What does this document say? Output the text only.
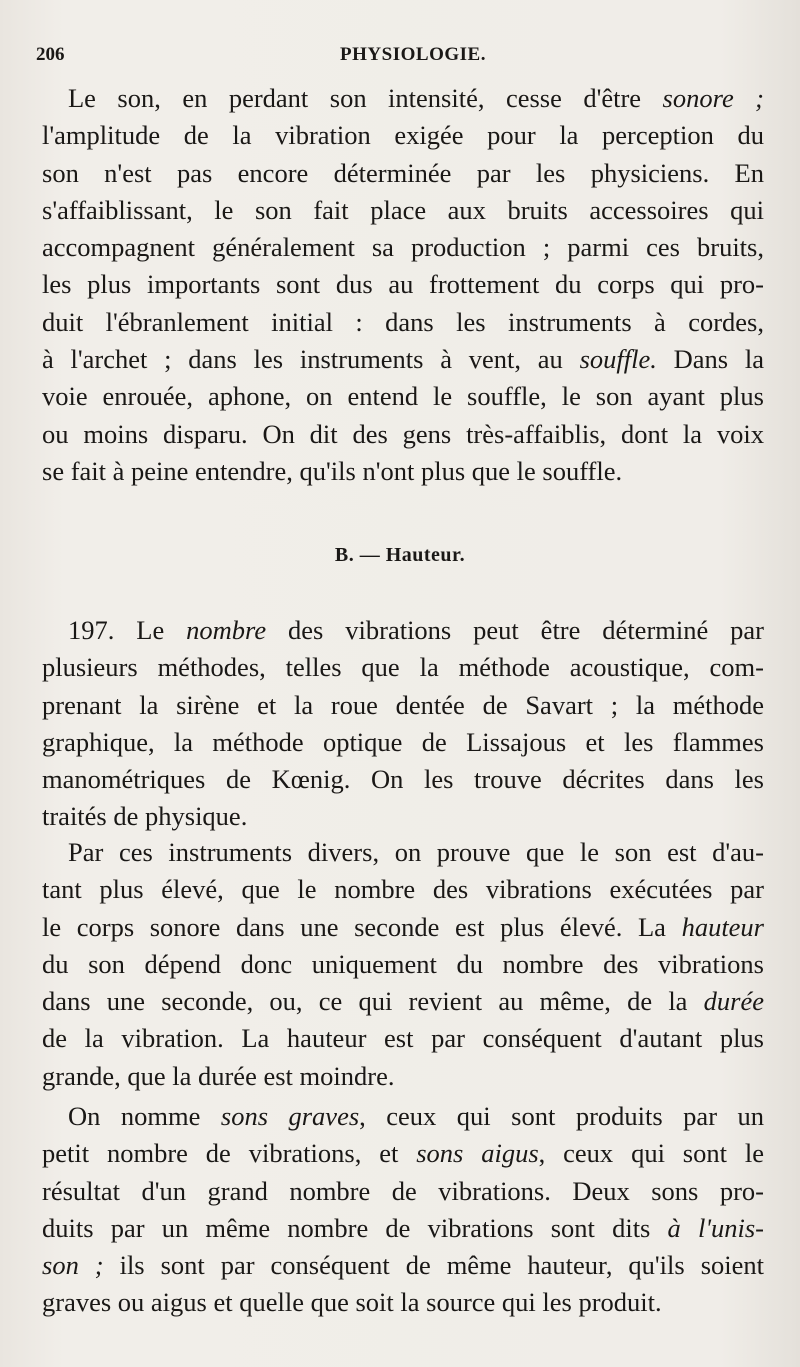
206	PHYSIOLOGIE.
Le son, en perdant son intensité, cesse d'être sonore ;
l'amplitude de la vibration exigée pour la perception du
son n'est pas encore déterminée par les physiciens. En
s'affaiblissant, le son fait place aux bruits accessoires qui
accompagnent généralement sa production ; parmi ces bruits,
les plus importants sont dus au frottement du corps qui pro-
duit l'ébranlement initial : dans les instruments à cordes,
à l'archet ; dans les instruments à vent, au souffle. Dans la
voie enrouée, aphone, on entend le souffle, le son ayant plus
ou moins disparu. On dit des gens très-affaiblis, dont la voix
se fait à peine entendre, qu'ils n'ont plus que le souffle.
B. — Hauteur.
197. Le nombre des vibrations peut être déterminé par
plusieurs méthodes, telles que la méthode acoustique, com-
prenant la sirène et la roue dentée de Savart ; la méthode
graphique, la méthode optique de Lissajous et les flammes
manométriques de Kœnig. On les trouve décrites dans les
traités de physique.
Par ces instruments divers, on prouve que le son est d'au-
tant plus élevé, que le nombre des vibrations exécutées par
le corps sonore dans une seconde est plus élevé. La hauteur
du son dépend donc uniquement du nombre des vibrations
dans une seconde, ou, ce qui revient au même, de la durée
de la vibration. La hauteur est par conséquent d'autant plus
grande, que la durée est moindre.
On nomme sons graves, ceux qui sont produits par un
petit nombre de vibrations, et sons aigus, ceux qui sont le
résultat d'un grand nombre de vibrations. Deux sons pro-
duits par un même nombre de vibrations sont dits à l'unis-
son ; ils sont par conséquent de même hauteur, qu'ils soient
graves ou aigus et quelle que soit la source qui les produit.
